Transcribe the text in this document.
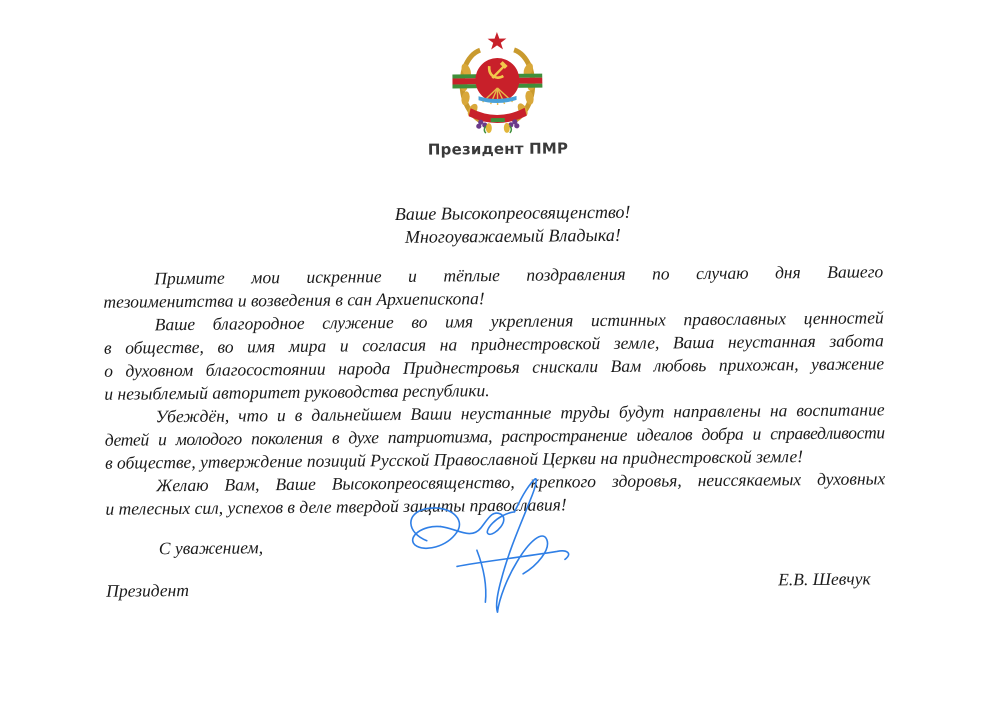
Президент ПМР
Ваше Высокопреосвященство!
Многоуважаемый Владыка!
Примите мои искренние и тёплые поздравления по случаю дня Вашего
тезоименитства и возведения в сан Архиепископа!
Ваше благородное служение во имя укрепления истинных православных ценностей
в обществе, во имя мира и согласия на приднестровской земле, Ваша неустанная забота
о духовном благосостоянии народа Приднестровья снискали Вам любовь прихожан, уважение
и незыблемый авторитет руководства республики.
Убеждён, что и в дальнейшем Ваши неустанные труды будут направлены на воспитание
детей и молодого поколения в духе патриотизма, распространение идеалов добра и справедливости
в обществе, утверждение позиций Русской Православной Церкви на приднестровской земле!
Желаю Вам, Ваше Высокопреосвященство, крепкого здоровья, неиссякаемых духовных
и телесных сил, успехов в деле твердой защиты православия!
С уважением,
Президент
Е.В. Шевчук
